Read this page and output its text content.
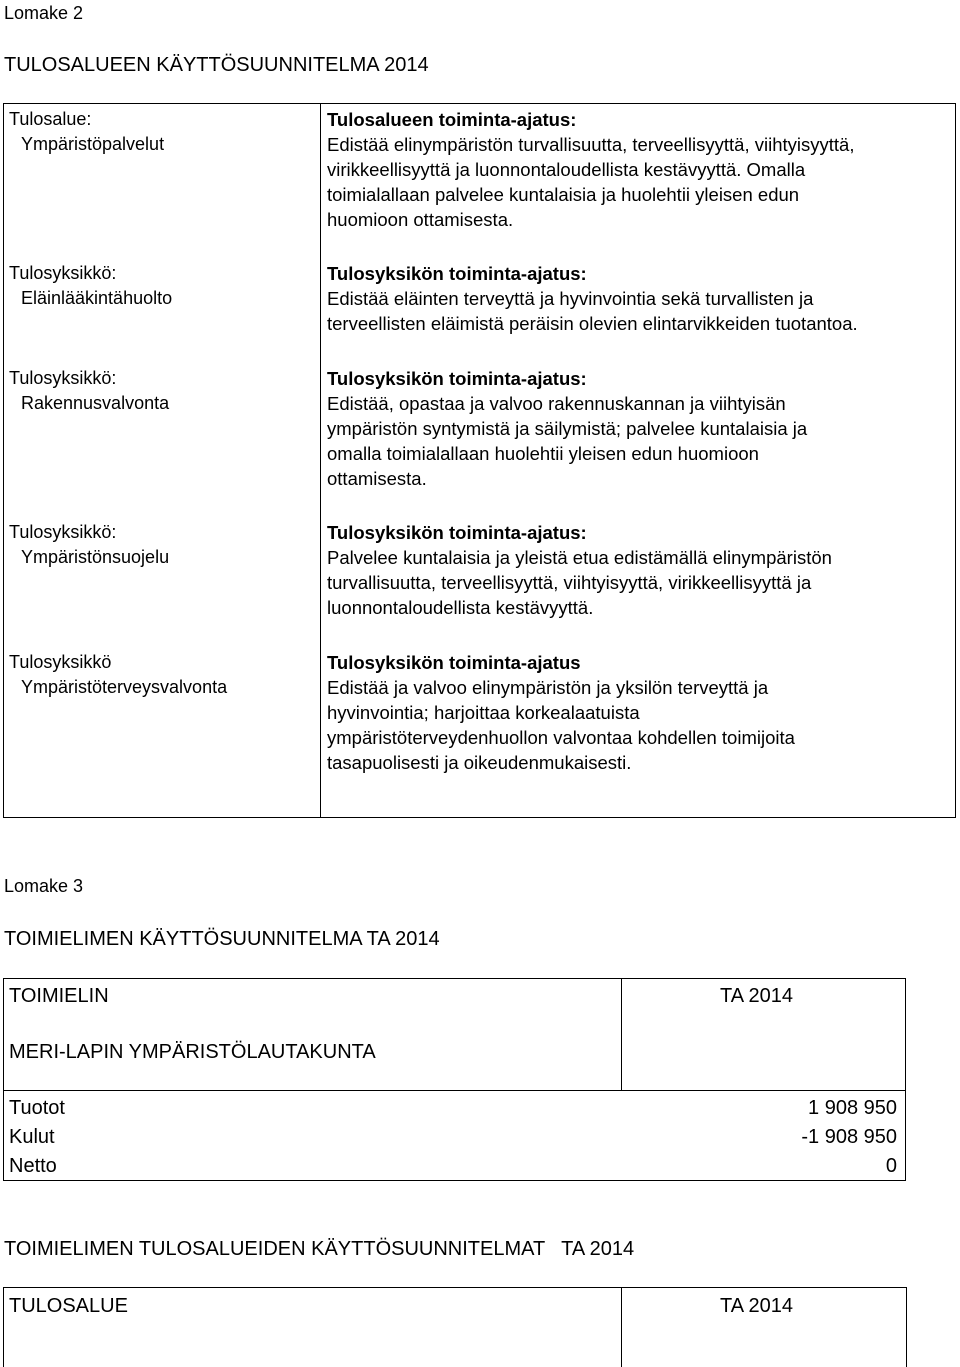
Lomake 2
TULOSALUEEN KÄYTTÖSUUNNITELMA 2014
Tulosalue:
Ympäristöpalvelut
Tulosalueen toiminta-ajatus:
Edistää elinympäristön turvallisuutta, terveellisyyttä, viihtyisyyttä,
virikkeellisyyttä ja luonnontaloudellista kestävyyttä. Omalla
toimialallaan palvelee kuntalaisia ja huolehtii yleisen edun
huomioon ottamisesta.
Tulosyksikkö:
Eläinlääkintähuolto
Tulosyksikön toiminta-ajatus:
Edistää eläinten terveyttä ja hyvinvointia sekä turvallisten ja
terveellisten eläimistä peräisin olevien elintarvikkeiden tuotantoa.
Tulosyksikkö:
Rakennusvalvonta
Tulosyksikön toiminta-ajatus:
Edistää, opastaa ja valvoo rakennuskannan ja viihtyisän
ympäristön syntymistä ja säilymistä; palvelee kuntalaisia ja
omalla toimialallaan huolehtii yleisen edun huomioon
ottamisesta.
Tulosyksikkö:
Ympäristönsuojelu
Tulosyksikön toiminta-ajatus:
Palvelee kuntalaisia ja yleistä etua edistämällä elinympäristön
turvallisuutta, terveellisyyttä, viihtyisyyttä, virikkeellisyyttä ja
luonnontaloudellista kestävyyttä.
Tulosyksikkö
Ympäristöterveysvalvonta
Tulosyksikön toiminta-ajatus
Edistää ja valvoo elinympäristön ja yksilön terveyttä ja
hyvinvointia; harjoittaa korkealaatuista
ympäristöterveydenhuollon valvontaa kohdellen toimijoita
tasapuolisesti ja oikeudenmukaisesti.
Lomake 3
TOIMIELIMEN KÄYTTÖSUUNNITELMA TA 2014
TOIMIELIN	TA 2014
MERI-LAPIN YMPÄRISTÖLAUTAKUNTA
Tuotot	1 908 950
Kulut	-1 908 950
Netto	0
TOIMIELIMEN TULOSALUEIDEN KÄYTTÖSUUNNITELMAT   TA 2014
TULOSALUE	TA 2014
